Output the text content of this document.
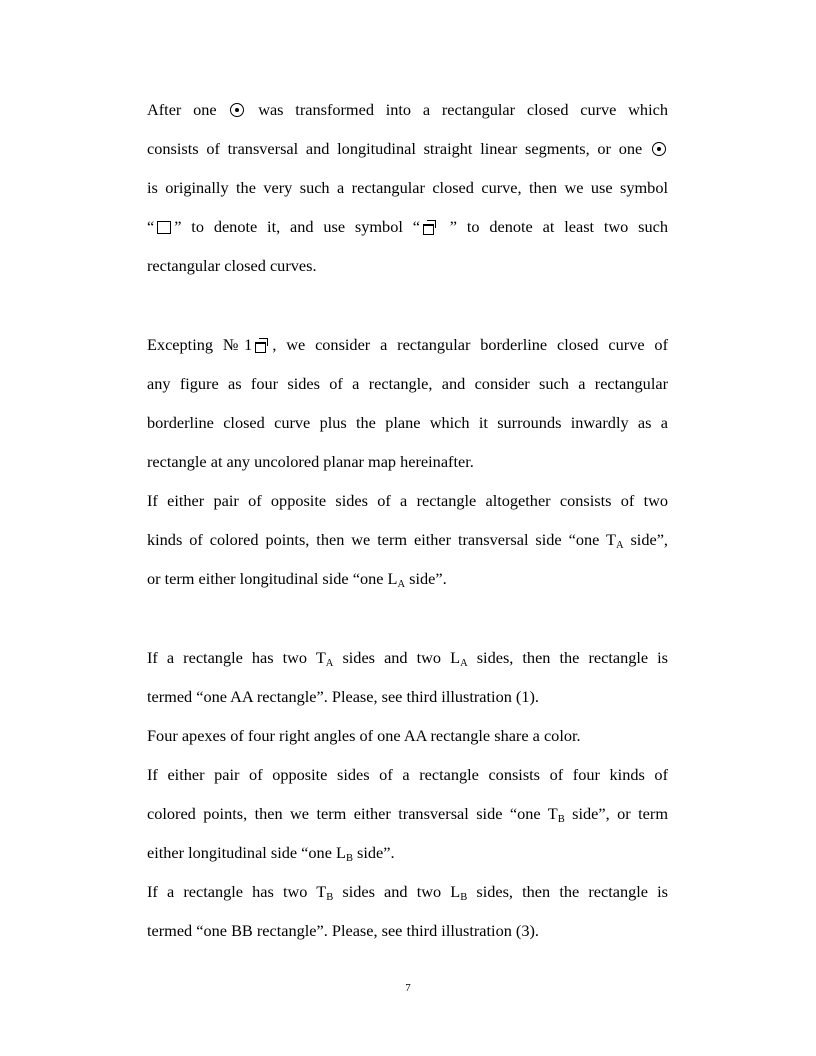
After one	was transformed into a rectangular closed curve which
consists of transversal and longitudinal straight linear segments, or one
is originally the very such a rectangular closed curve, then we use symbol
“ ” to denote it, and use symbol “ ” to denote at least two such
rectangular closed curves.
Excepting №1 , we consider a rectangular borderline closed curve of
any figure as four sides of a rectangle, and consider such a rectangular
borderline closed curve plus the plane which it surrounds inwardly as a
rectangle at any uncolored planar map hereinafter.
If either pair of opposite sides of a rectangle altogether consists of two
kinds of colored points, then we term either transversal side “one $T_A$ side”,
or term either longitudinal side “one $L_A$ side”.
If a rectangle has two $T_A$ sides and two $L_A$ sides, then the rectangle is
termed “one AA rectangle”. Please, see third illustration (1).
Four apexes of four right angles of one AA rectangle share a color.
If either pair of opposite sides of a rectangle consists of four kinds of
colored points, then we term either transversal side “one $T_B$ side”, or term
either longitudinal side “one $L_B$ side”.
If a rectangle has two $T_B$ sides and two $L_B$ sides, then the rectangle is
termed “one BB rectangle”. Please, see third illustration (3).
7
